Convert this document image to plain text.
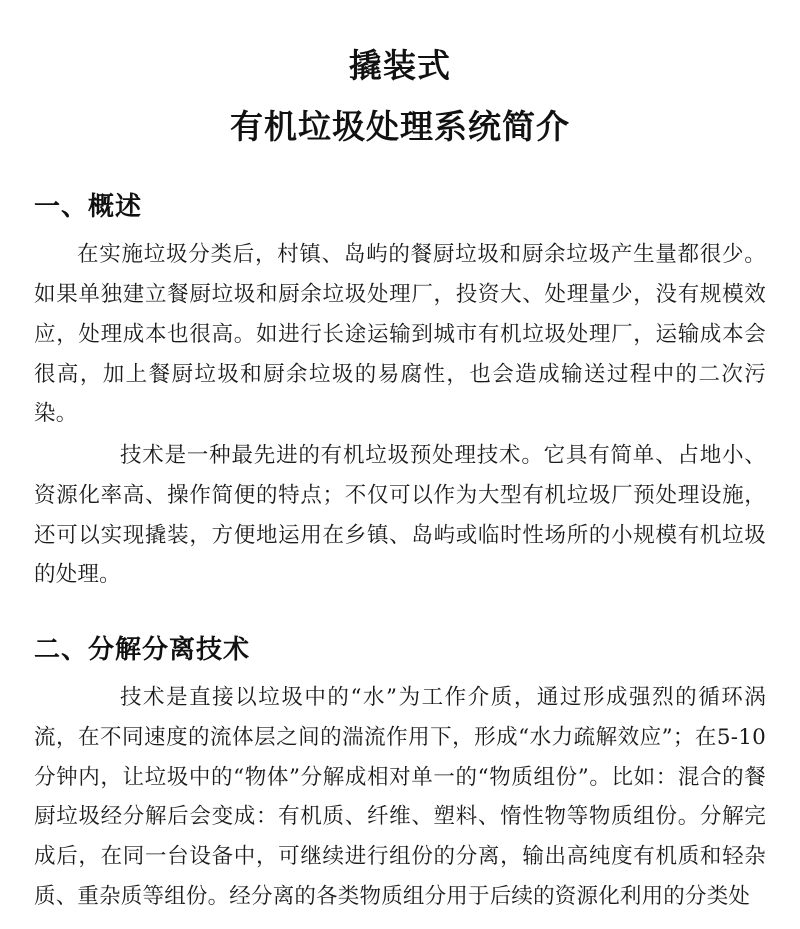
撬装式
有机垃圾处理系统简介
一、概述

在实施垃圾分类后，村镇、岛屿的餐厨垃圾和厨余垃圾产生量都很少。如果单独建立餐厨垃圾和厨余垃圾处理厂，投资大、处理量少，没有规模效应，处理成本也很高。如进行长途运输到城市有机垃圾处理厂，运输成本会很高，加上餐厨垃圾和厨余垃圾的易腐性，也会造成输送过程中的二次污染。

技术是一种最先进的有机垃圾预处理技术。它具有简单、占地小、资源化率高、操作简便的特点；不仅可以作为大型有机垃圾厂预处理设施，还可以实现撬装，方便地运用在乡镇、岛屿或临时性场所的小规模有机垃圾的处理。

二、分解分离技术

技术是直接以垃圾中的“水”为工作介质，通过形成强烈的循环涡流，在不同速度的流体层之间的湍流作用下，形成“水力疏解效应”；在5-10 分钟内，让垃圾中的“物体”分解成相对单一的“物质组份”。比如：混合的餐厨垃圾经分解后会变成：有机质、纤维、塑料、惰性物等物质组份。分解完成后，在同一台设备中，可继续进行组份的分离，输出高纯度有机质和轻杂质、重杂质等组份。经分离的各类物质组分用于后续的资源化利用的分类处
